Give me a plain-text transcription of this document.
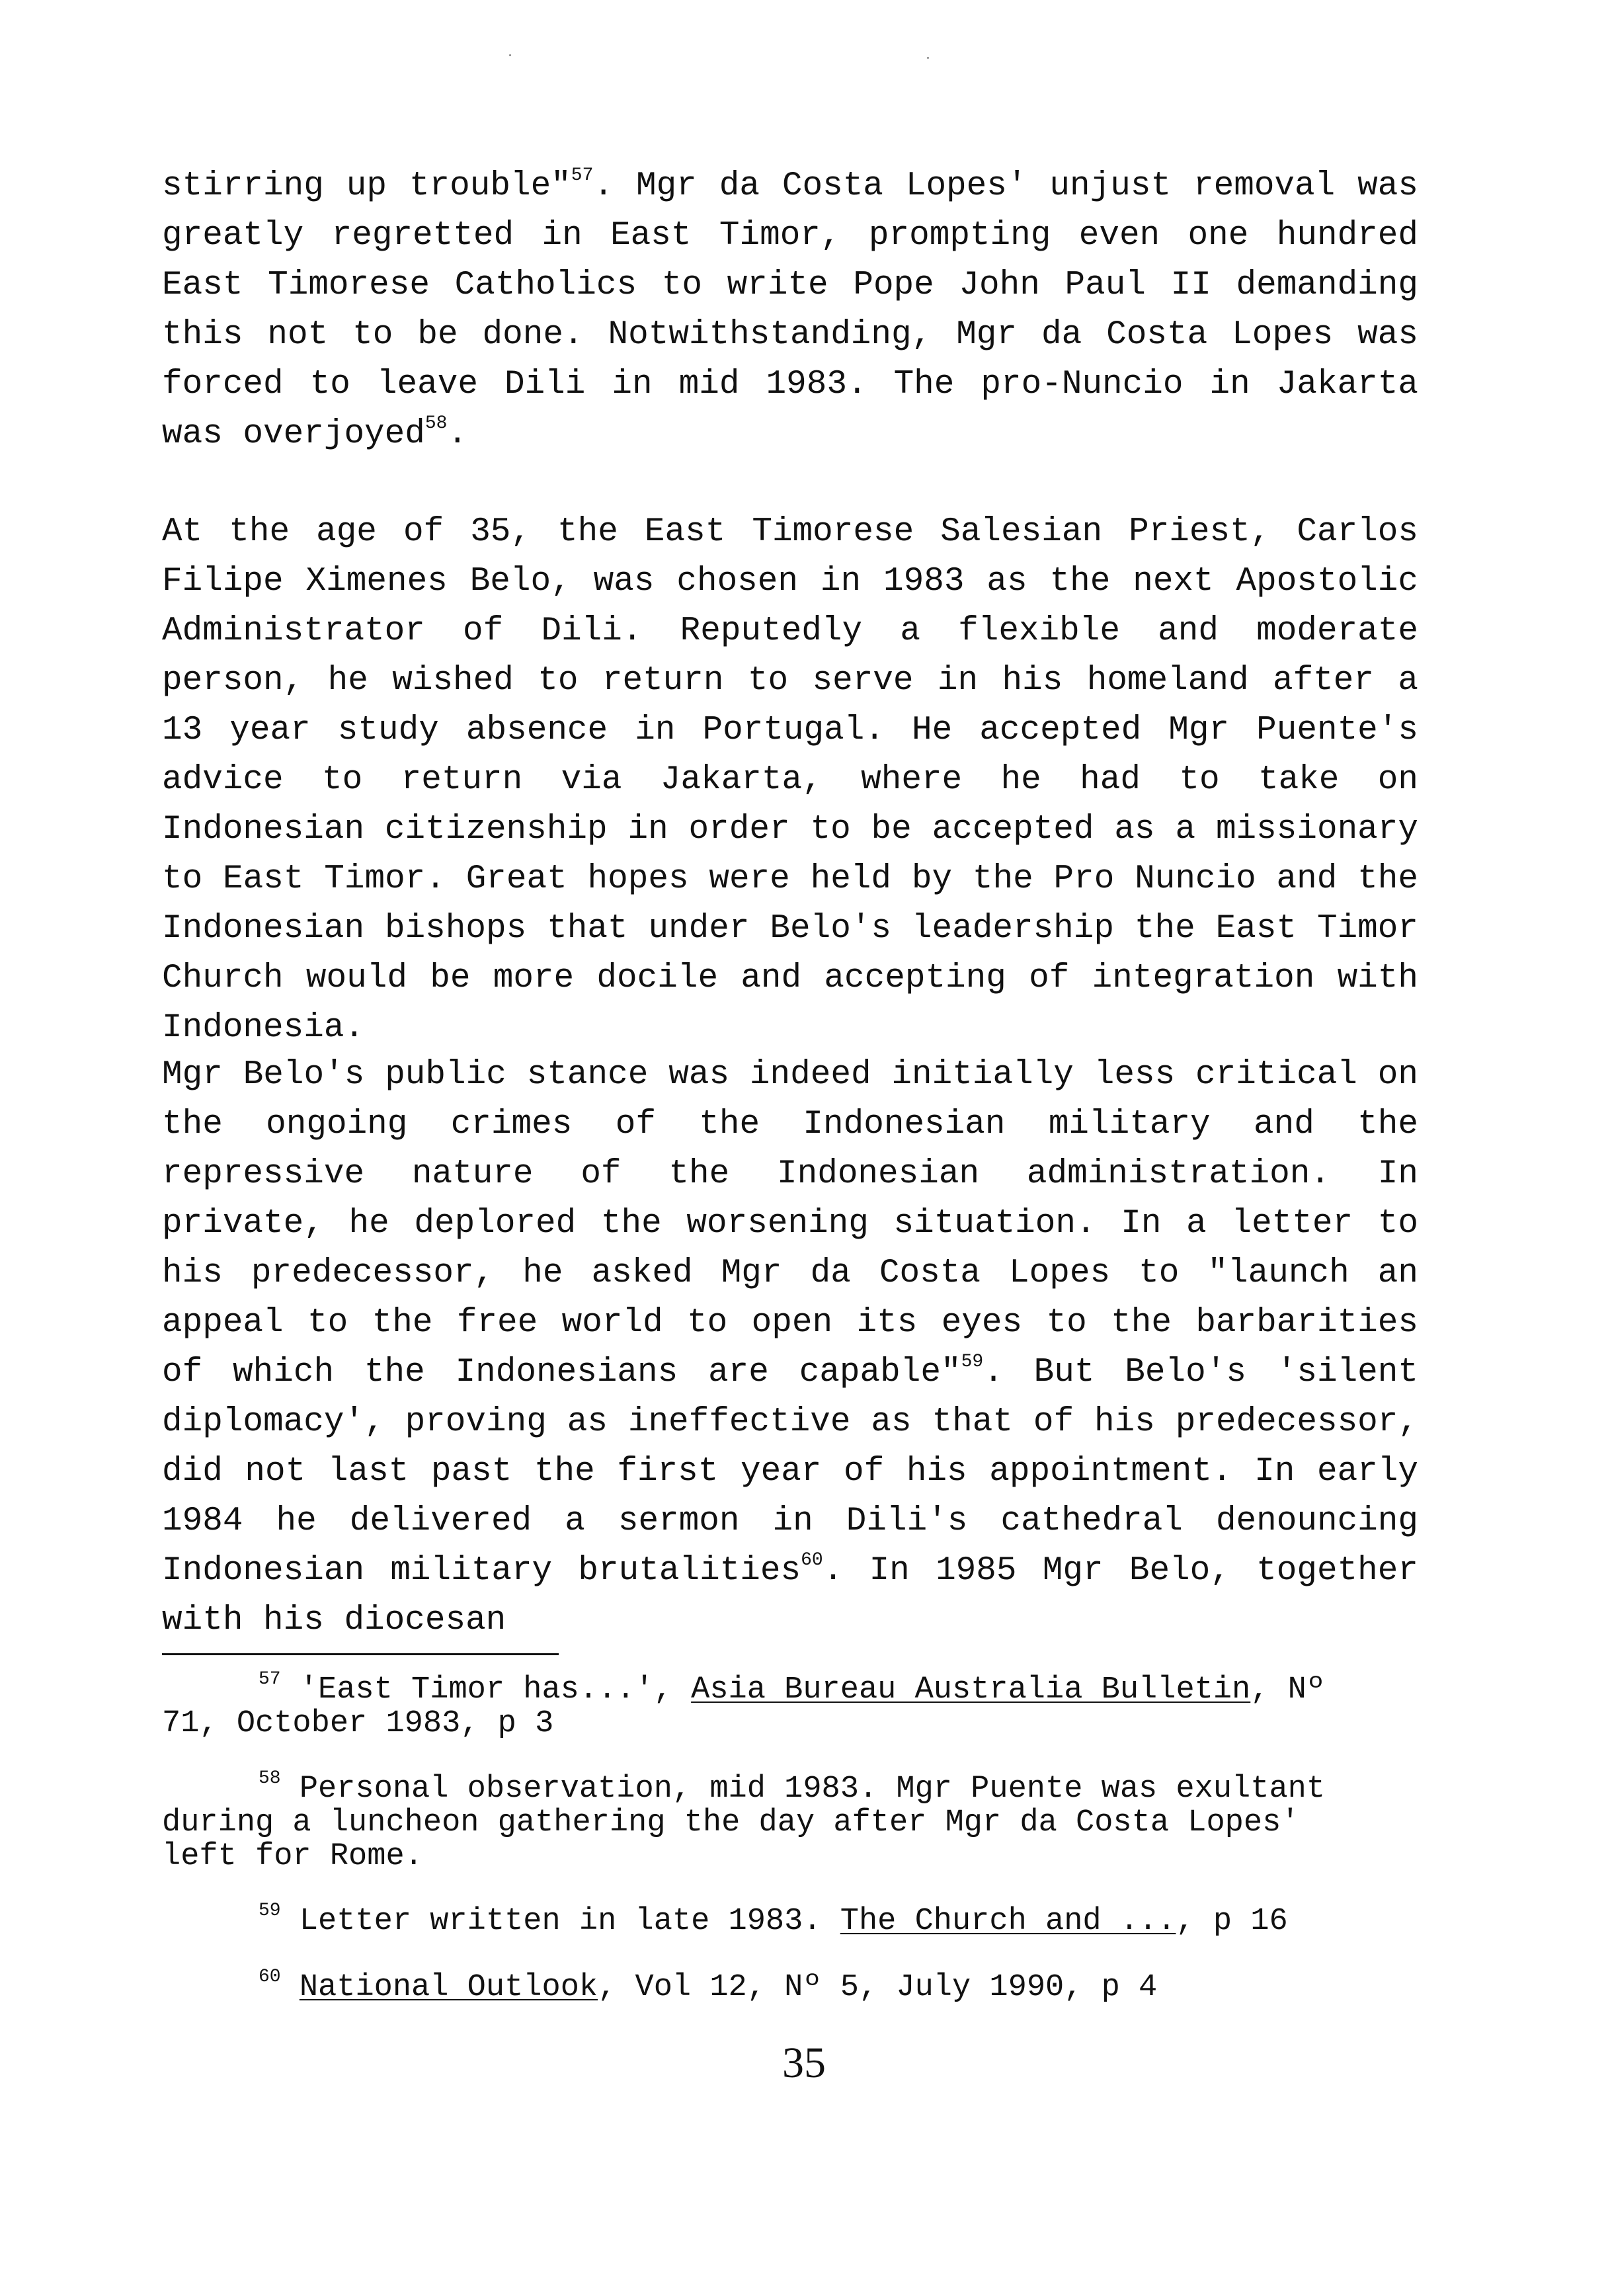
stirring up trouble"$^{57}$. Mgr da Costa Lopes' unjust removal was greatly regretted in East Timor, prompting even one hundred East Timorese Catholics to write Pope John Paul II demanding this not to be done. Notwithstanding, Mgr da Costa Lopes was forced to leave Dili in mid 1983. The pro-Nuncio in Jakarta was overjoyed$^{58}$.

At the age of 35, the East Timorese Salesian Priest, Carlos Filipe Ximenes Belo, was chosen in 1983 as the next Apostolic Administrator of Dili. Reputedly a flexible and moderate person, he wished to return to serve in his homeland after a 13 year study absence in Portugal. He accepted Mgr Puente's advice to return via Jakarta, where he had to take on Indonesian citizenship in order to be accepted as a missionary to East Timor. Great hopes were held by the Pro Nuncio and the Indonesian bishops that under Belo's leadership the East Timor Church would be more docile and accepting of integration with Indonesia.

Mgr Belo's public stance was indeed initially less critical on the ongoing crimes of the Indonesian military and the repressive nature of the Indonesian administration. In private, he deplored the worsening situation. In a letter to his predecessor, he asked Mgr da Costa Lopes to "launch an appeal to the free world to open its eyes to the barbarities of which the Indonesians are capable"$^{59}$. But Belo's 'silent diplomacy', proving as ineffective as that of his predecessor, did not last past the first year of his appointment. In early 1984 he delivered a sermon in Dili's cathedral denouncing Indonesian military brutalities$^{60}$. In 1985 Mgr Belo, together with his diocesan

$^{57}$ 'East Timor has...', Asia Bureau Australia Bulletin, Nº
71, October 1983, p 3
$^{58}$ Personal observation, mid 1983. Mgr Puente was exultant
during a luncheon gathering the day after Mgr da Costa Lopes'
left for Rome.
$^{59}$ Letter written in late 1983. The Church and ..., p 16
$^{60}$ National Outlook, Vol 12, Nº 5, July 1990, p 4

35
